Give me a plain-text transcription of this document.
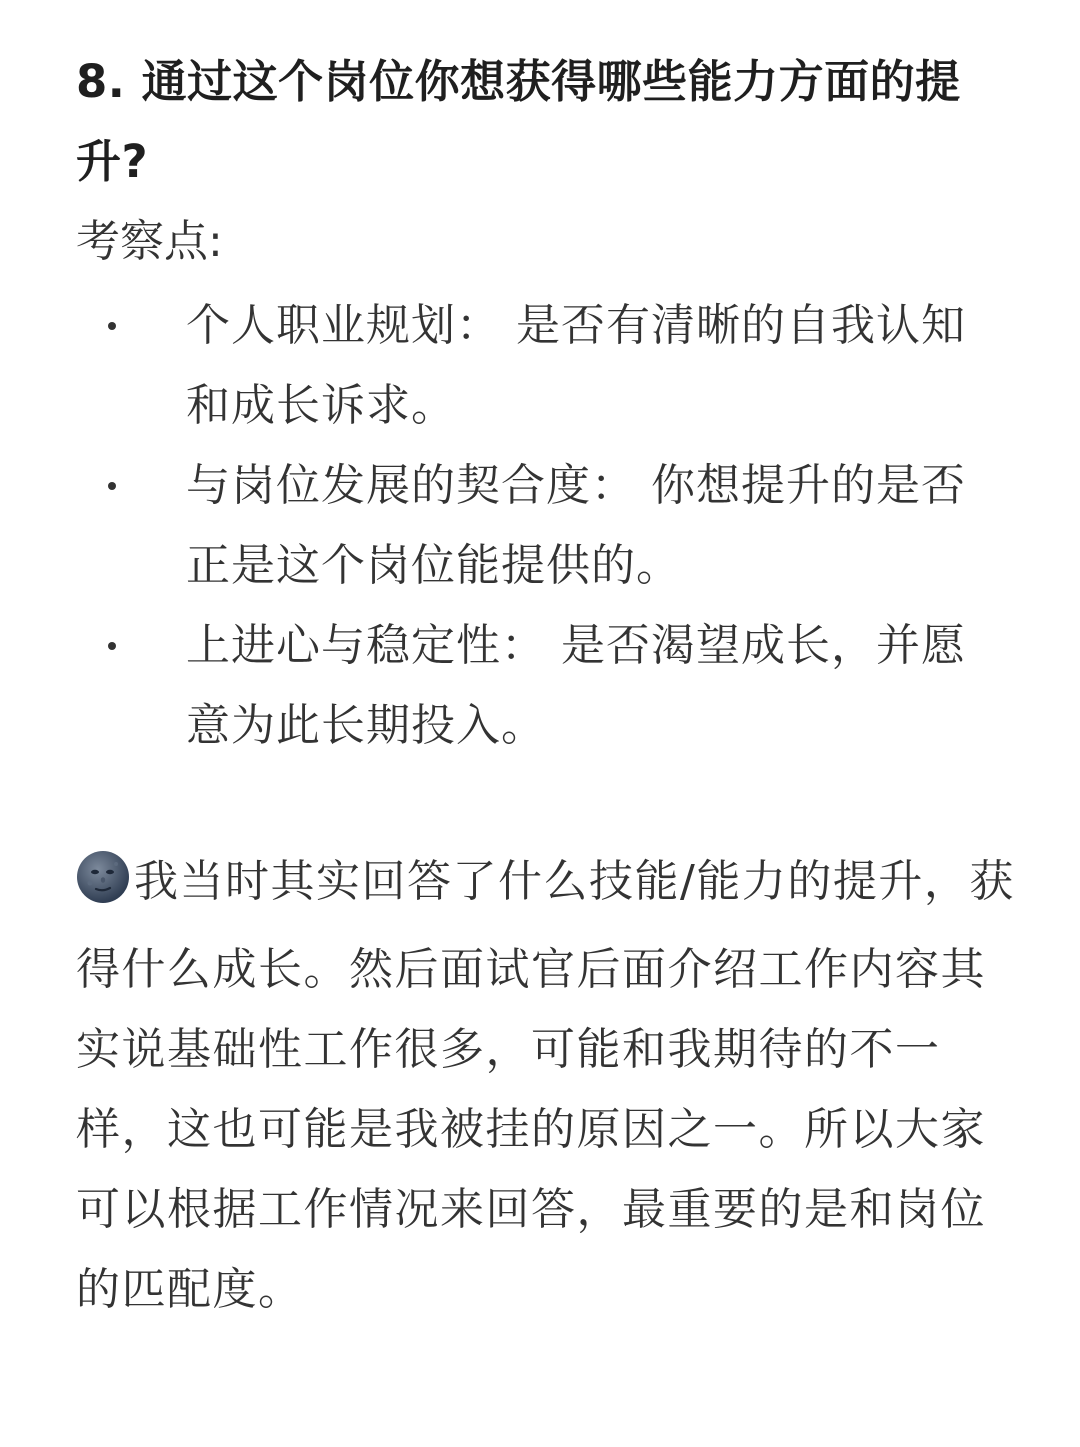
8. 通过这个岗位你想获得哪些能力方面的提升?

考察点:

个人职业规划： 是否有清晰的自我认知和成长诉求。
与岗位发展的契合度： 你想提升的是否正是这个岗位能提供的。
上进心与稳定性： 是否渴望成长，并愿意为此长期投入。

我当时其实回答了什么技能/能力的提升，获得什么成长。然后面试官后面介绍工作内容其实说基础性工作很多，可能和我期待的不一样，这也可能是我被挂的原因之一。所以大家可以根据工作情况来回答，最重要的是和岗位的匹配度。
